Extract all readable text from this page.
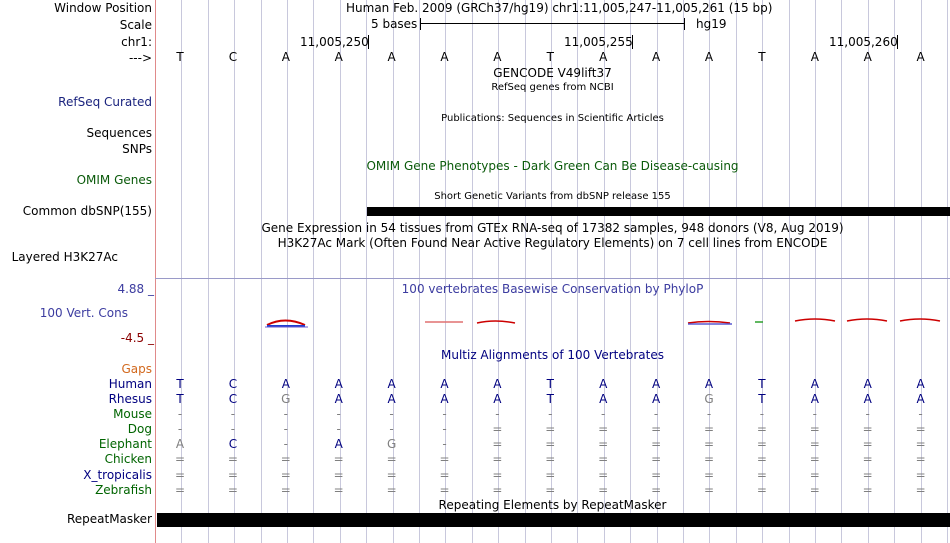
Window Position	Human Feb. 2009 (GRCh37/hg19) chr1:11,005,247-11,005,261 (15 bp)
Scale	5 bases	hg19
chr1:	11,005,250	11,005,255	11,005,260
--->	T	C	A	A	A	A	A	T	A	A	A	T	A	A	A
GENCODE V49lift37
RefSeq genes from NCBI
RefSeq Curated
Publications: Sequences in Scientific Articles
Sequences
SNPs
OMIM Gene Phenotypes - Dark Green Can Be Disease-causing
OMIM Genes
Short Genetic Variants from dbSNP release 155
Common dbSNP(155)
Gene Expression in 54 tissues from GTEx RNA-seq of 17382 samples, 948 donors (V8, Aug 2019)
H3K27Ac Mark (Often Found Near Active Regulatory Elements) on 7 cell lines from ENCODE
Layered H3K27Ac
100 vertebrates Basewise Conservation by PhyloP
4.88 _
100 Vert. Cons
-4.5 _
Multiz Alignments of 100 Vertebrates
Gaps
Human	T	C	A	A	A	A	A	T	A	A	A	T	A	A	A
Rhesus	T	C	G	A	A	A	A	T	A	A	G	T	A	A	A
Mouse	-	-	-	-	-	-	-	-	-	-	-	-	-	-	-
Dog	-	-	-	-	-	-	=	=	=	=	=	=	=	=	=
Elephant	A	C	-	A	G	-	=	=	=	=	=	=	=	=	=
Chicken	=	=	=	=	=	=	=	=	=	=	=	=	=	=	=
X_tropicalis	=	=	=	=	=	=	=	=	=	=	=	=	=	=	=
Zebrafish	=	=	=	=	=	=	=	=	=	=	=	=	=	=	=
Repeating Elements by RepeatMasker
RepeatMasker
